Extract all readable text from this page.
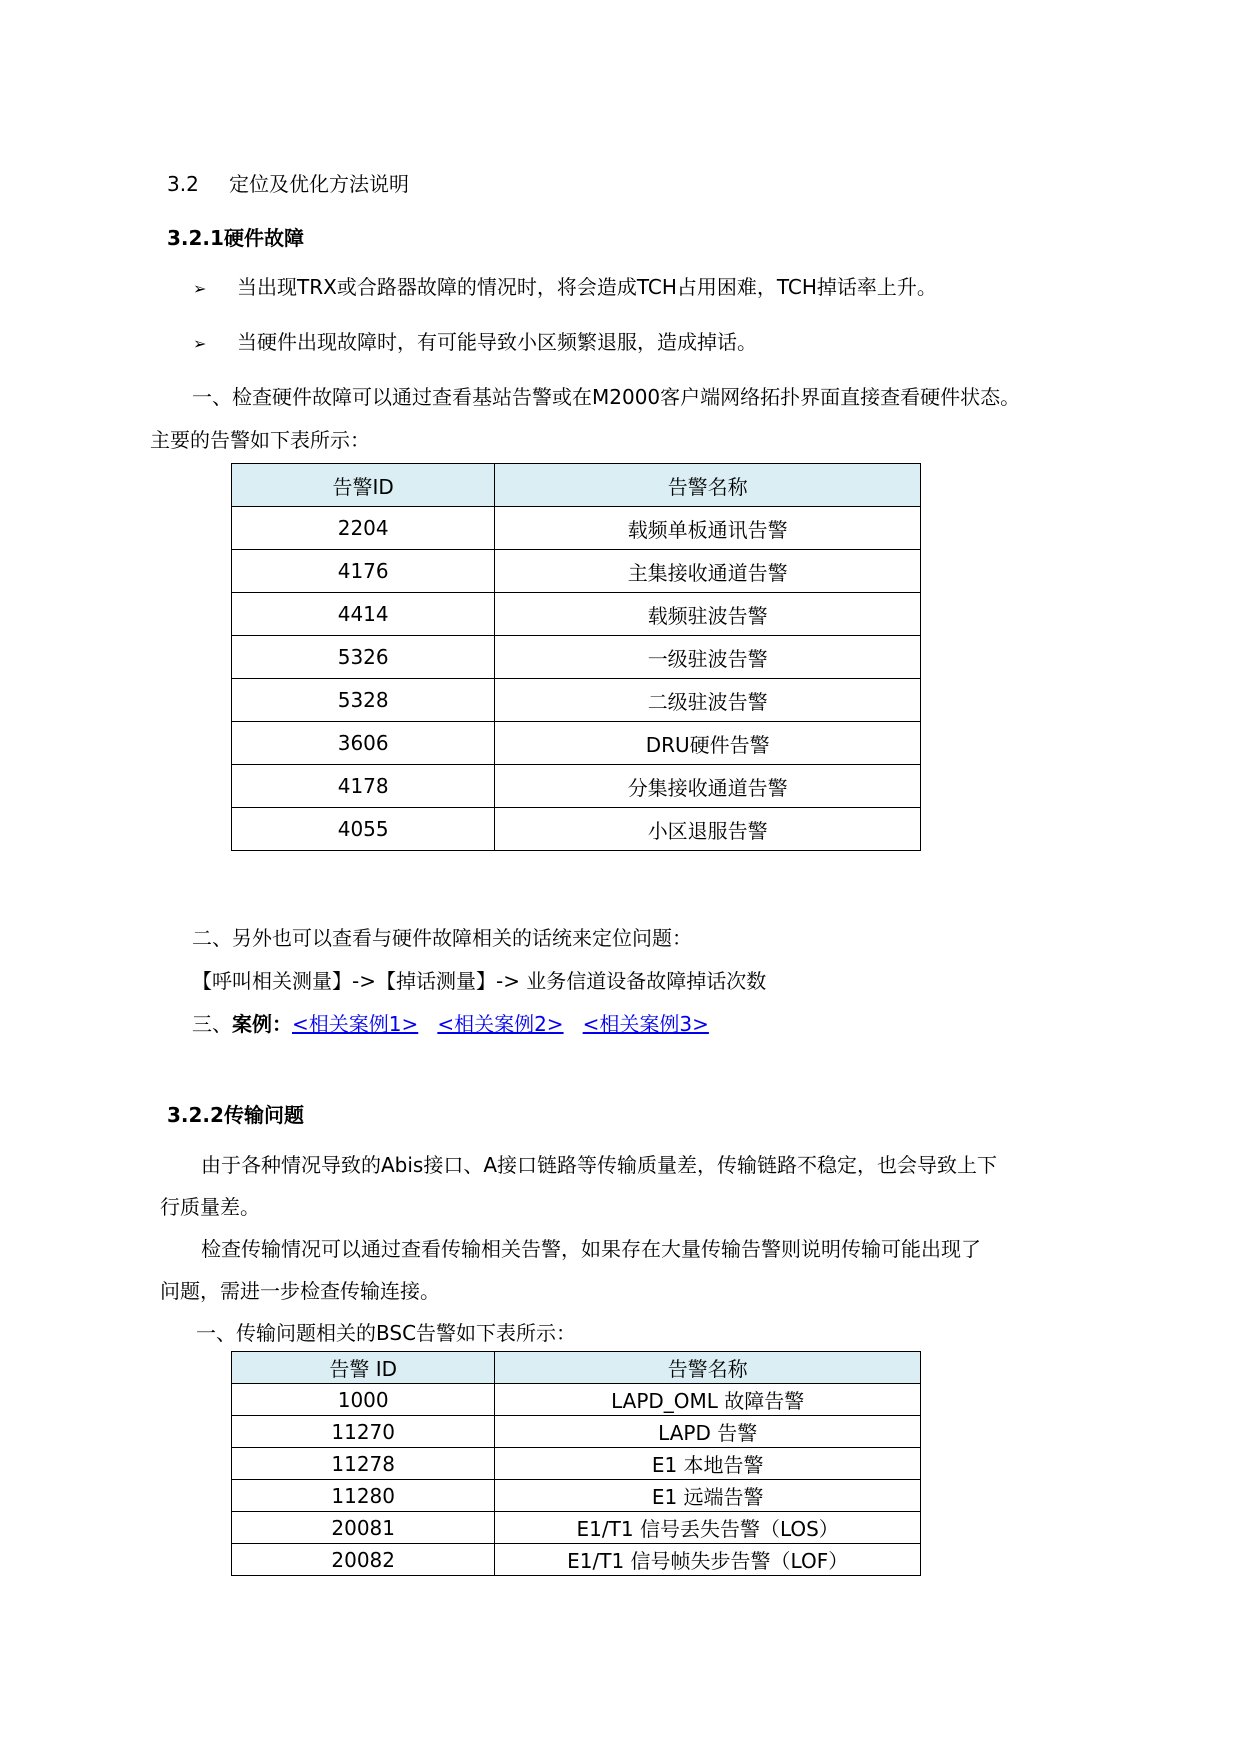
3.2 定位及优化方法说明
3.2.1硬件故障
➢ 当出现TRX或合路器故障的情况时，将会造成TCH占用困难，TCH掉话率上升。
➢ 当硬件出现故障时，有可能导致小区频繁退服，造成掉话。
一、检查硬件故障可以通过查看基站告警或在M2000客户端网络拓扑界面直接查看硬件状态。
主要的告警如下表所示：
告警ID	告警名称
2204	载频单板通讯告警
4176	主集接收通道告警
4414	载频驻波告警
5326	一级驻波告警
5328	二级驻波告警
3606	DRU硬件告警
4178	分集接收通道告警
4055	小区退服告警
二、另外也可以查看与硬件故障相关的话统来定位问题：
【呼叫相关测量】->【掉话测量】-> 业务信道设备故障掉话次数
三、案例：<相关案例1> <相关案例2> <相关案例3>
3.2.2传输问题
由于各种情况导致的Abis接口、A接口链路等传输质量差，传输链路不稳定，也会导致上下
行质量差。
检查传输情况可以通过查看传输相关告警，如果存在大量传输告警则说明传输可能出现了
问题，需进一步检查传输连接。
一、传输问题相关的BSC告警如下表所示：
告警 ID	告警名称
1000	LAPD_OML 故障告警
11270	LAPD 告警
11278	E1 本地告警
11280	E1 远端告警
20081	E1/T1 信号丢失告警（LOS）
20082	E1/T1 信号帧失步告警（LOF）
